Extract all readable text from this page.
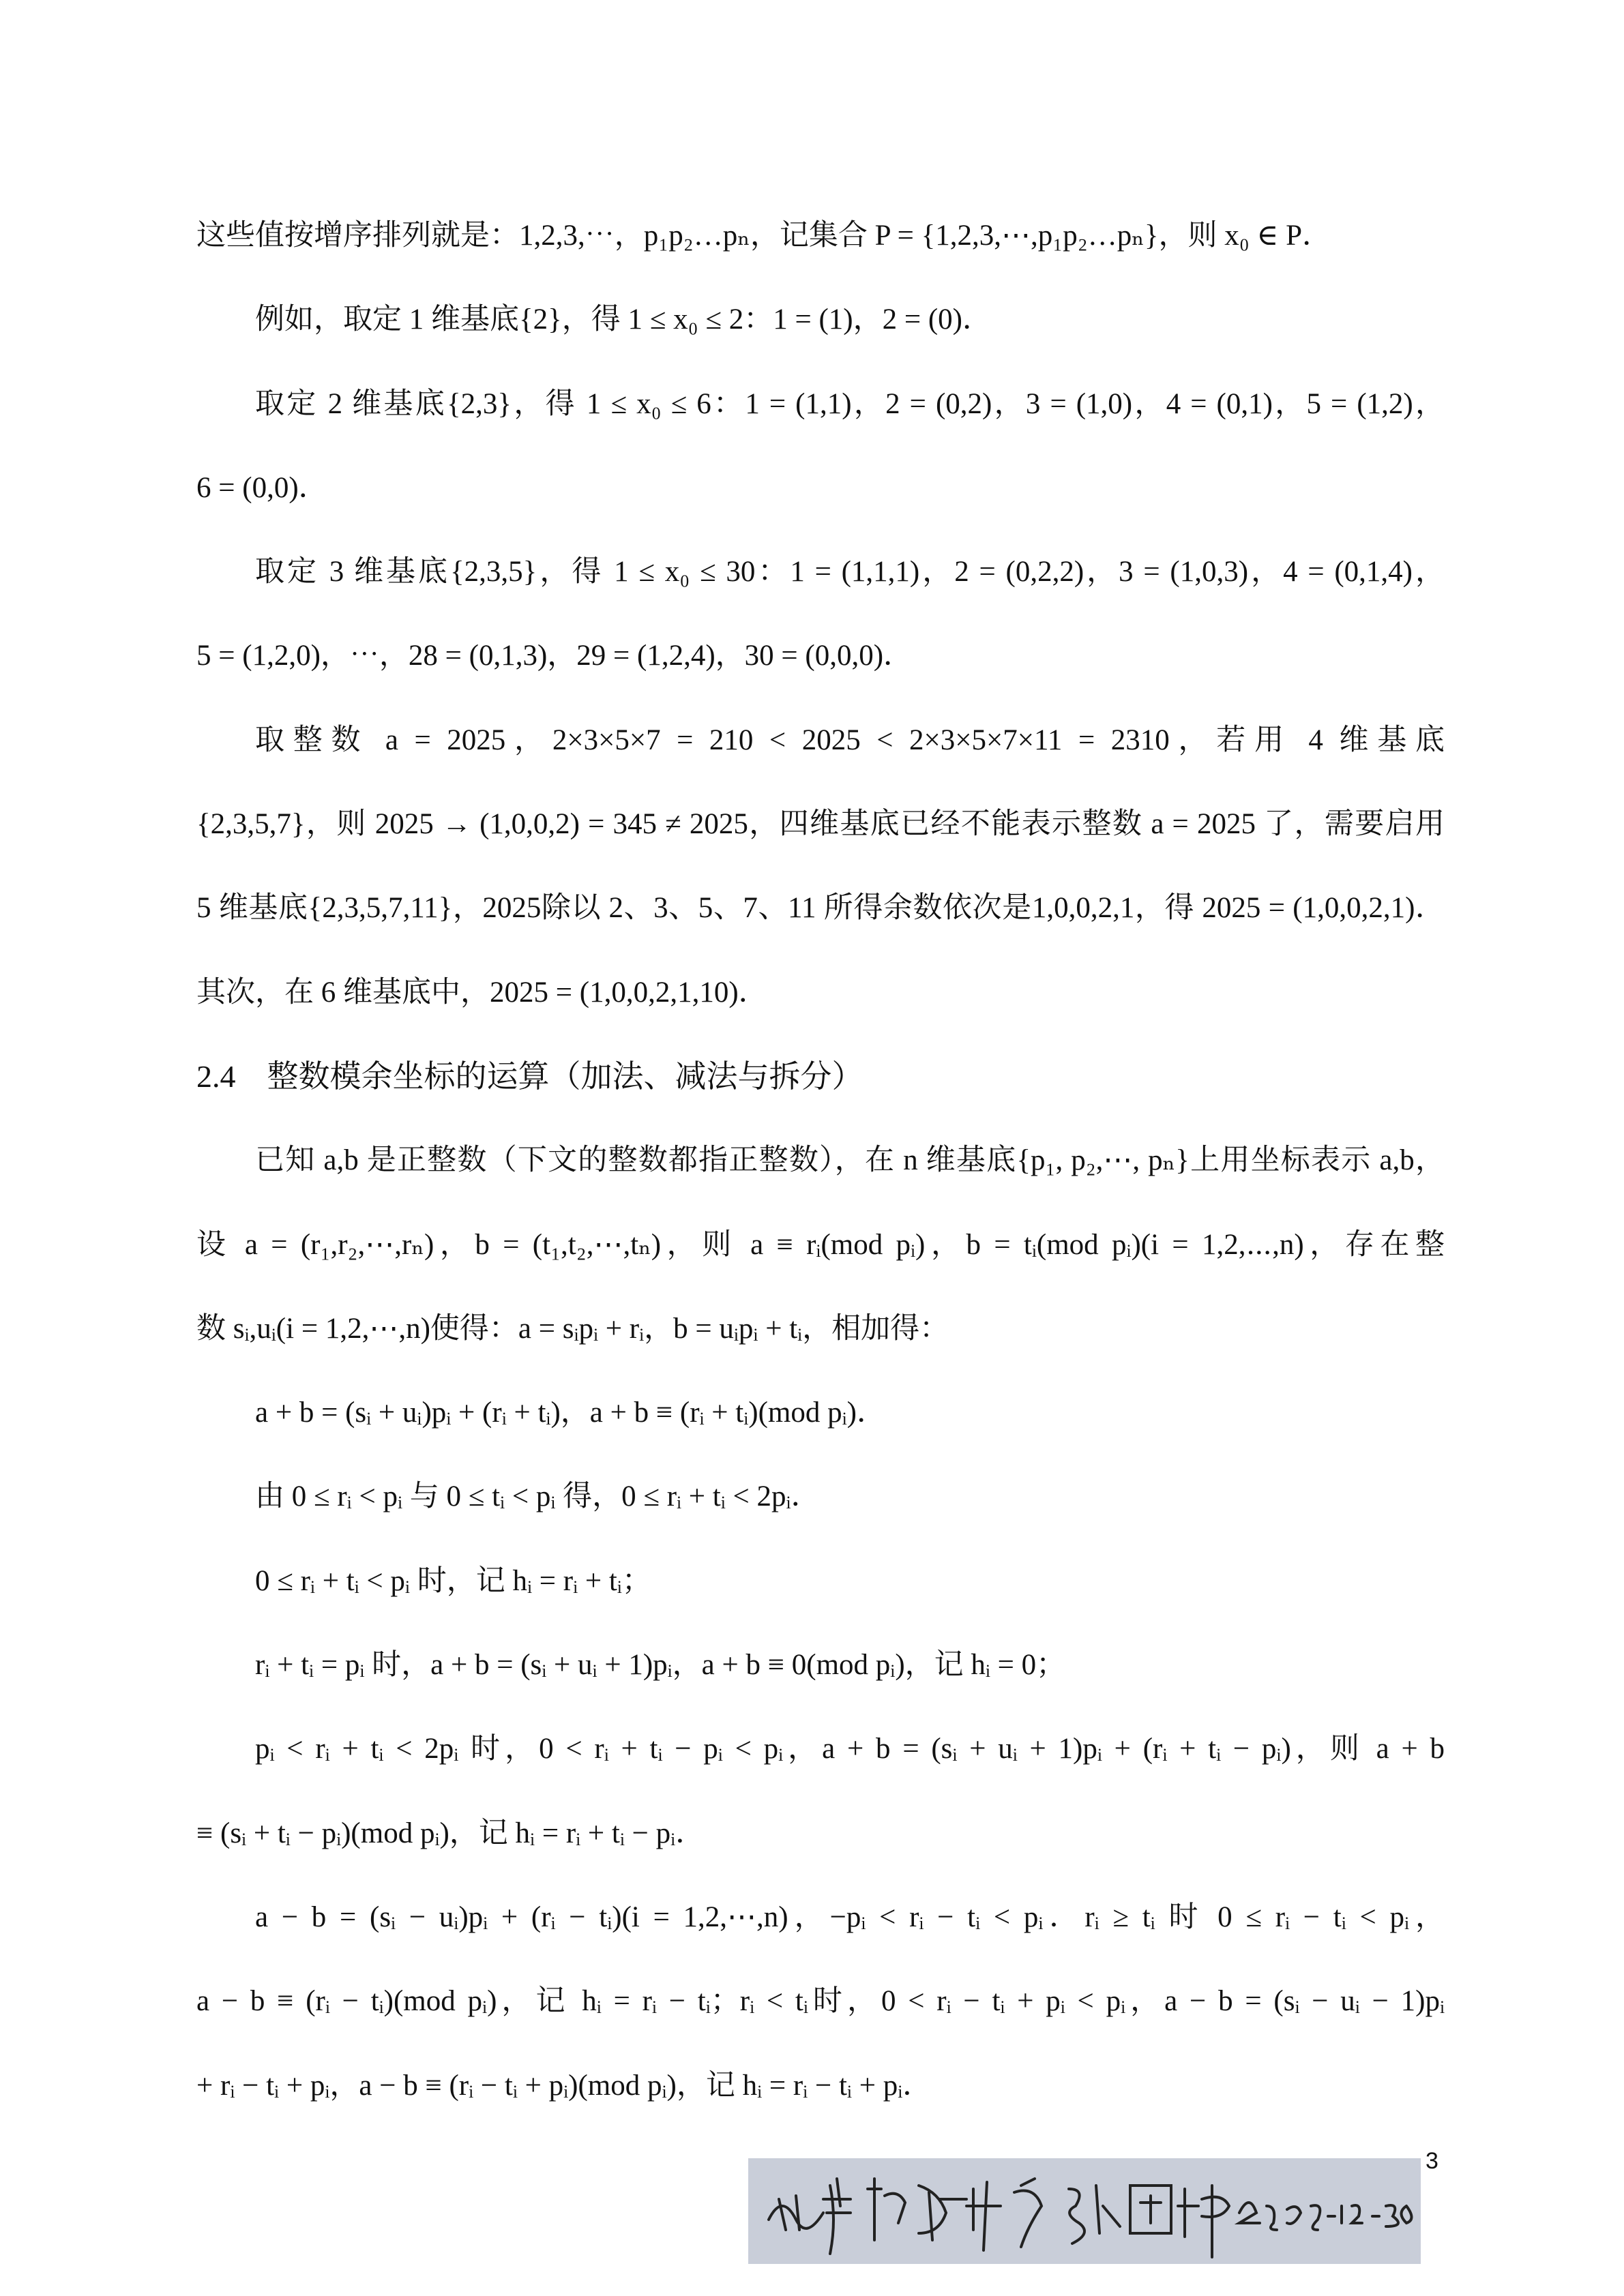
这些值按增序排列就是：1,2,3,⋯，p₁p₂…pₙ，记集合 P = {1,2,3,⋯,p₁p₂…pₙ}，则 x₀ ∈ P．
例如，取定 1 维基底{2}，得 1 ≤ x₀ ≤ 2：1 = (1)，2 = (0)．
取定 2 维基底{2,3}，得 1 ≤ x₀ ≤ 6：1 = (1,1)，2 = (0,2)，3 = (1,0)，4 = (0,1)，5 = (1,2)，
6 = (0,0)．
取定 3 维基底{2,3,5}，得 1 ≤ x₀ ≤ 30：1 = (1,1,1)，2 = (0,2,2)，3 = (1,0,3)，4 = (0,1,4)，
5 = (1,2,0)，⋯，28 = (0,1,3)，29 = (1,2,4)，30 = (0,0,0)．
取整数 a = 2025，2×3×5×7 = 210 < 2025 < 2×3×5×7×11 = 2310，若用 4 维基底
{2,3,5,7}，则 2025 → (1,0,0,2) = 345 ≠ 2025，四维基底已经不能表示整数 a = 2025 了，需要启用
5 维基底{2,3,5,7,11}，2025除以 2、3、5、7、11 所得余数依次是1,0,0,2,1，得 2025 = (1,0,0,2,1)．
其次，在 6 维基底中，2025 = (1,0,0,2,1,10)．
2.4　整数模余坐标的运算（加法、减法与拆分）
已知 a,b 是正整数（下文的整数都指正整数），在 n 维基底{p₁, p₂,⋯, pₙ}上用坐标表示 a,b，
设 a = (r₁,r₂,⋯,rₙ)，b = (t₁,t₂,⋯,tₙ)，则 a ≡ rᵢ(mod pᵢ)，b = tᵢ(mod pᵢ)(i = 1,2,⋯,n)，存在整
数 sᵢ,uᵢ(i = 1,2,⋯,n)使得：a = sᵢpᵢ + rᵢ，b = uᵢpᵢ + tᵢ，相加得：
a + b = (sᵢ + uᵢ)pᵢ + (rᵢ + tᵢ)，a + b ≡ (rᵢ + tᵢ)(mod pᵢ)．
由 0 ≤ rᵢ < pᵢ 与 0 ≤ tᵢ < pᵢ 得，0 ≤ rᵢ + tᵢ < 2pᵢ．
0 ≤ rᵢ + tᵢ < pᵢ 时，记 hᵢ = rᵢ + tᵢ；
rᵢ + tᵢ = pᵢ 时，a + b = (sᵢ + uᵢ + 1)pᵢ，a + b ≡ 0(mod pᵢ)，记 hᵢ = 0；
pᵢ < rᵢ + tᵢ < 2pᵢ 时，0 < rᵢ + tᵢ − pᵢ < pᵢ，a + b = (sᵢ + uᵢ + 1)pᵢ + (rᵢ + tᵢ − pᵢ)，则 a + b
≡ (sᵢ + tᵢ − pᵢ)(mod pᵢ)，记 hᵢ = rᵢ + tᵢ − pᵢ．
a − b = (sᵢ − uᵢ)pᵢ + (rᵢ − tᵢ)(i = 1,2,⋯,n)，−pᵢ < rᵢ − tᵢ < pᵢ．rᵢ ≥ tᵢ 时 0 ≤ rᵢ − tᵢ < pᵢ，
a − b ≡ (rᵢ − tᵢ)(mod pᵢ)，记 hᵢ = rᵢ − tᵢ；rᵢ < tᵢ时，0 < rᵢ − tᵢ + pᵢ < pᵢ，a − b = (sᵢ − uᵢ − 1)pᵢ
+ rᵢ − tᵢ + pᵢ，a − b ≡ (rᵢ − tᵢ + pᵢ)(mod pᵢ)，记 hᵢ = rᵢ − tᵢ + pᵢ．
3
